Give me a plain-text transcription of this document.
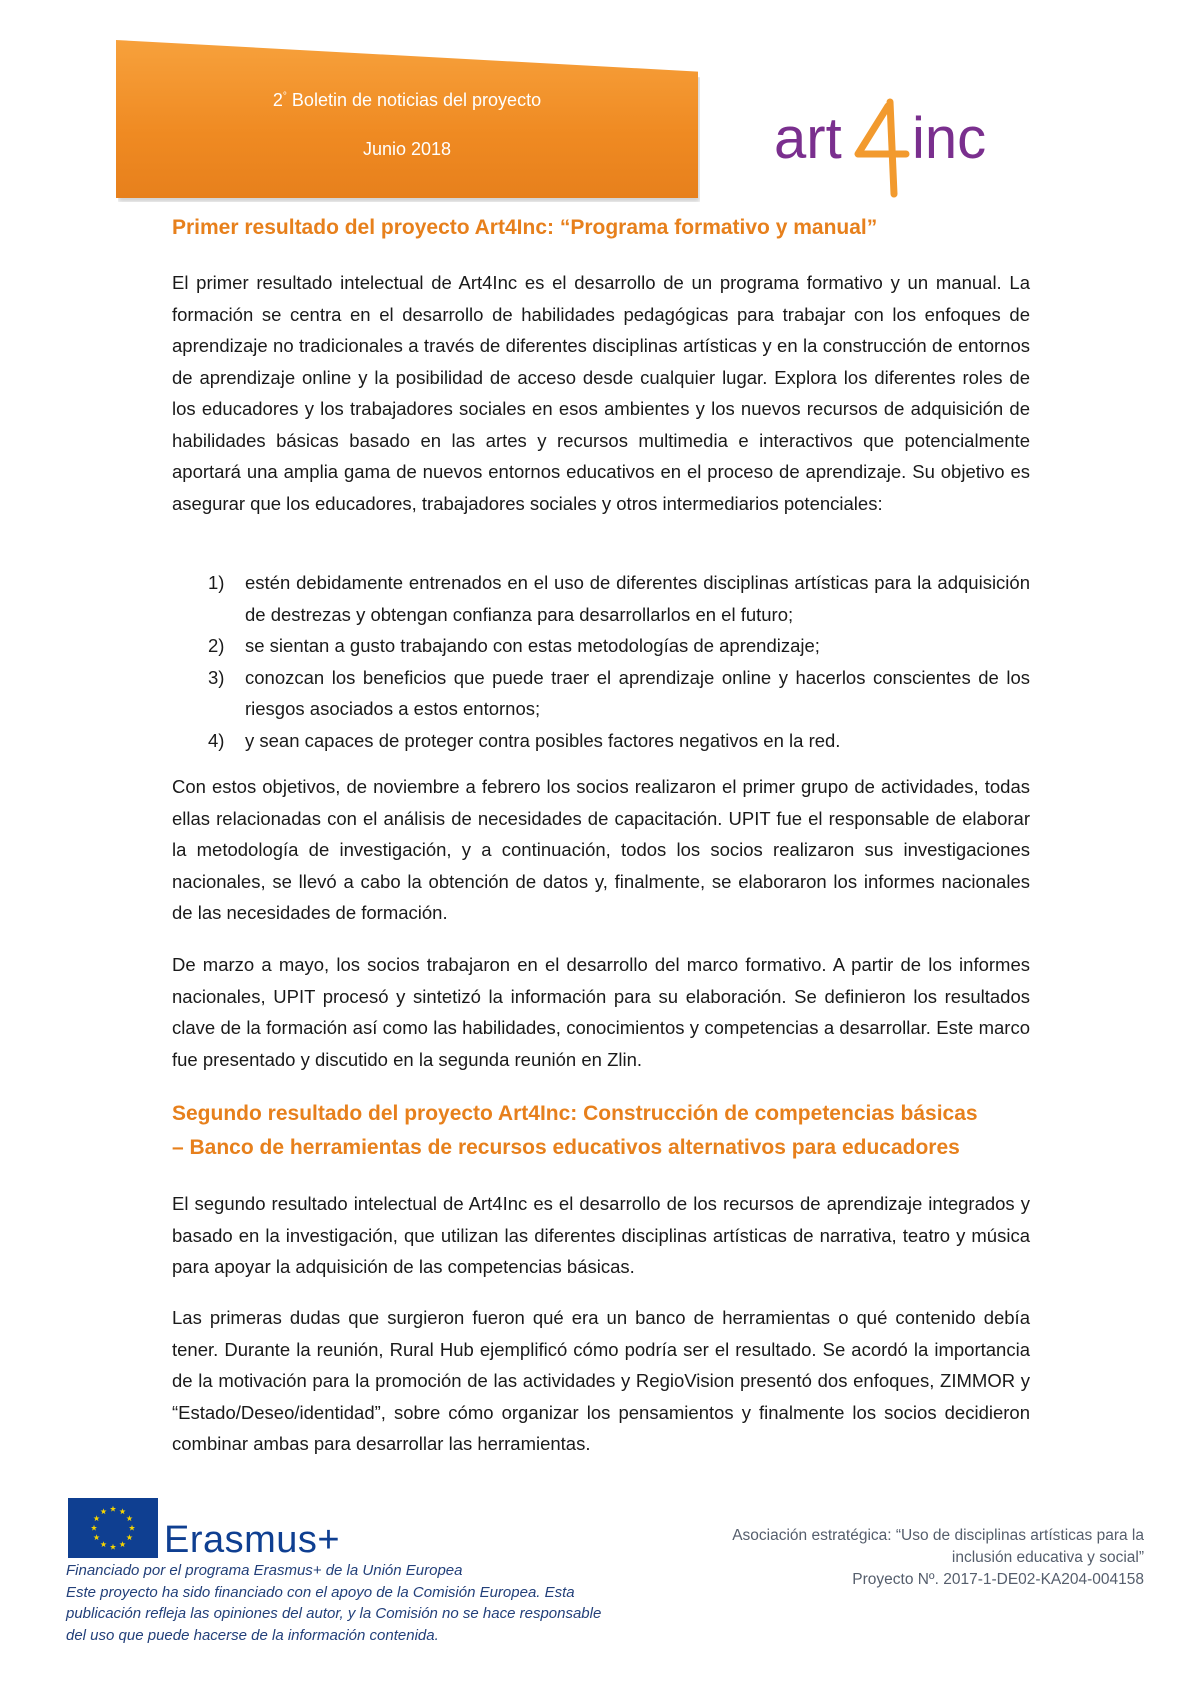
2° Boletin de noticias del proyecto
Junio 2018	art inc
Primer resultado del proyecto Art4Inc: “Programa formativo y manual”

El primer resultado intelectual de Art4Inc es el desarrollo de un programa formativo y un manual. La formación se centra en el desarrollo de habilidades pedagógicas para trabajar con los enfoques de aprendizaje no tradicionales a través de diferentes disciplinas artísticas y en la construcción de entornos de aprendizaje online y la posibilidad de acceso desde cualquier lugar. Explora los diferentes roles de los educadores y los trabajadores sociales en esos ambientes y los nuevos recursos de adquisición de habilidades básicas basado en las artes y recursos multimedia e interactivos que potencialmente aportará una amplia gama de nuevos entornos educativos en el proceso de aprendizaje. Su objetivo es asegurar que los educadores, trabajadores sociales y otros intermediarios potenciales:

1) estén debidamente entrenados en el uso de diferentes disciplinas artísticas para la adquisición de destrezas y obtengan confianza para desarrollarlos en el futuro;
2) se sientan a gusto trabajando con estas metodologías de aprendizaje;
3) conozcan los beneficios que puede traer el aprendizaje online y hacerlos conscientes de los riesgos asociados a estos entornos;
4) y sean capaces de proteger contra posibles factores negativos en la red.

Con estos objetivos, de noviembre a febrero los socios realizaron el primer grupo de actividades, todas ellas relacionadas con el análisis de necesidades de capacitación. UPIT fue el responsable de elaborar la metodología de investigación, y a continuación, todos los socios realizaron sus investigaciones nacionales, se llevó a cabo la obtención de datos y, finalmente, se elaboraron los informes nacionales de las necesidades de formación.

De marzo a mayo, los socios trabajaron en el desarrollo del marco formativo. A partir de los informes nacionales, UPIT procesó y sintetizó la información para su elaboración. Se definieron los resultados clave de la formación así como las habilidades, conocimientos y competencias a desarrollar. Este marco fue presentado y discutido en la segunda reunión en Zlin.

Segundo resultado del proyecto Art4Inc: Construcción de competencias básicas
– Banco de herramientas de recursos educativos alternativos para educadores

El segundo resultado intelectual de Art4Inc es el desarrollo de los recursos de aprendizaje integrados y basado en la investigación, que utilizan las diferentes disciplinas artísticas de narrativa, teatro y música para apoyar la adquisición de las competencias básicas.

Las primeras dudas que surgieron fueron qué era un banco de herramientas o qué contenido debía tener. Durante la reunión, Rural Hub ejemplificó cómo podría ser el resultado. Se acordó la importancia de la motivación para la promoción de las actividades y RegioVision presentó dos enfoques, ZIMMOR y “Estado/Deseo/identidad”, sobre cómo organizar los pensamientos y finalmente los socios decidieron combinar ambas para desarrollar las herramientas.

Erasmus+
Financiado por el programa Erasmus+ de la Unión Europea
Este proyecto ha sido financiado con el apoyo de la Comisión Europea. Esta
publicación refleja las opiniones del autor, y la Comisión no se hace responsable
del uso que puede hacerse de la información contenida.
Asociación estratégica: “Uso de disciplinas artísticas para la
inclusión educativa y social”
Proyecto Nº. 2017-1-DE02-KA204-004158
